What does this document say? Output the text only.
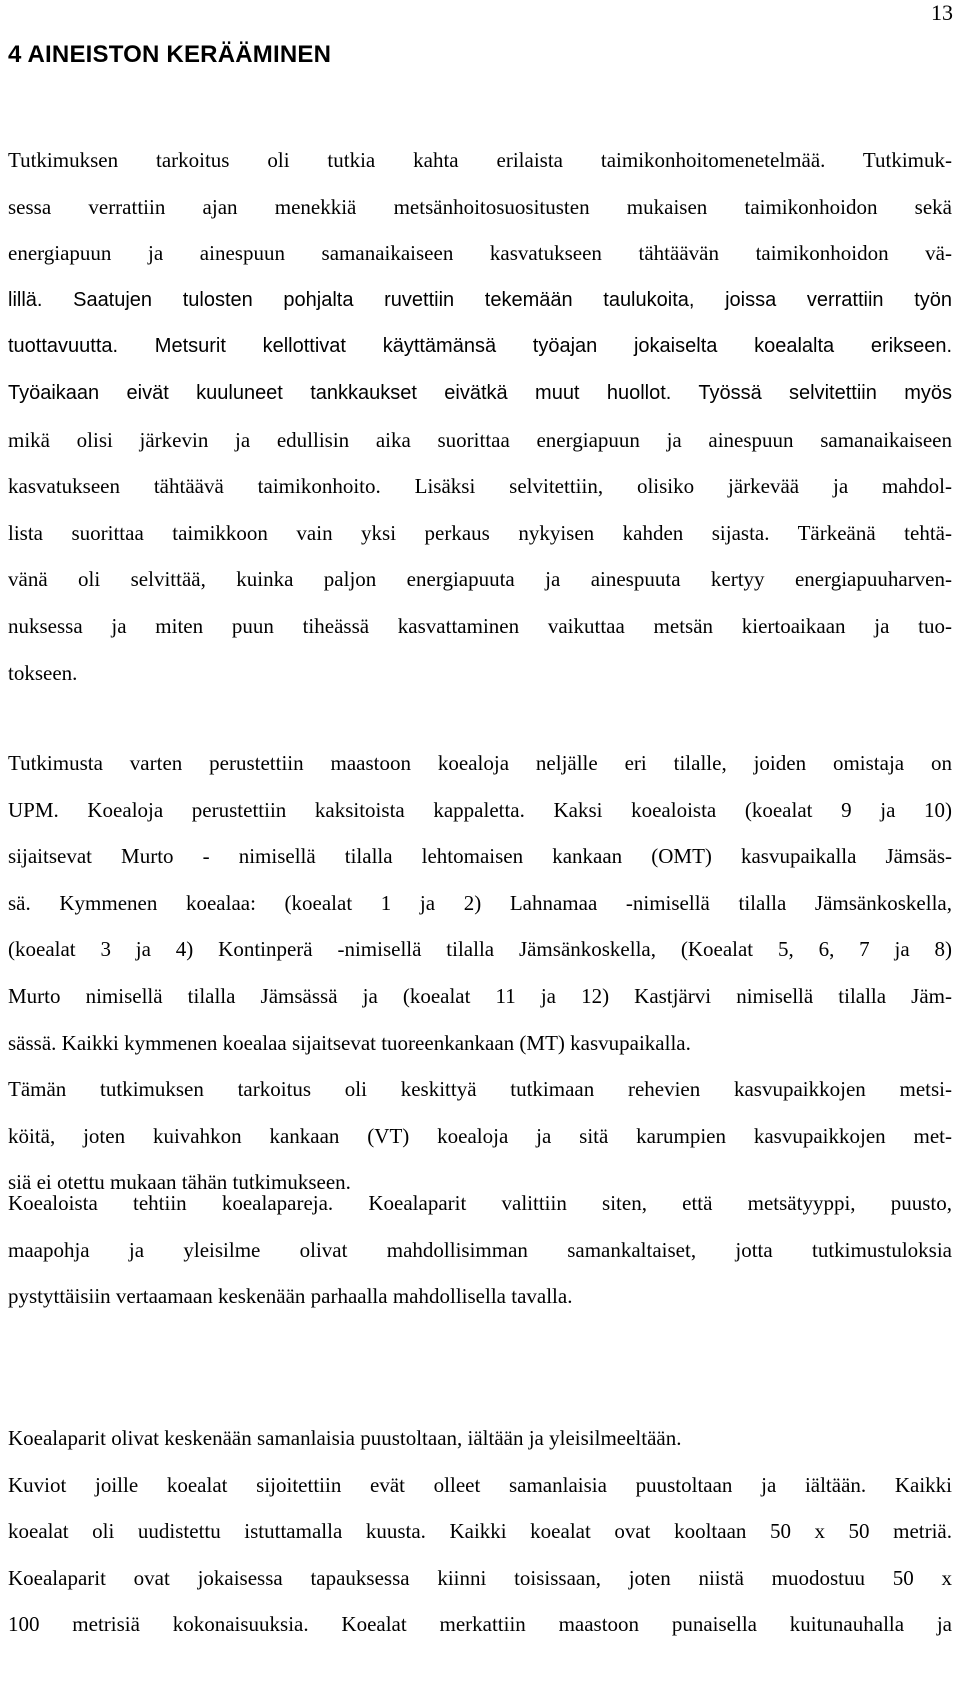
13
4 AINEISTON KERÄÄMINEN
Tutkimuksen tarkoitus oli tutkia kahta erilaista taimikonhoitomenetelmää. Tutkimuk-
sessa verrattiin ajan menekkiä metsänhoitosuositusten mukaisen taimikonhoidon sekä
energiapuun ja ainespuun samanaikaiseen kasvatukseen tähtäävän taimikonhoidon vä-
lillä. Saatujen tulosten pohjalta ruvettiin tekemään taulukoita, joissa verrattiin työn
tuottavuutta. Metsurit kellottivat käyttämänsä työajan jokaiselta koealalta erikseen.
Työaikaan eivät kuuluneet tankkaukset eivätkä muut huollot. Työssä selvitettiin myös
mikä olisi järkevin ja edullisin aika suorittaa energiapuun ja ainespuun samanaikaiseen
kasvatukseen tähtäävä taimikonhoito. Lisäksi selvitettiin, olisiko järkevää ja mahdol-
lista suorittaa taimikkoon vain yksi perkaus nykyisen kahden sijasta. Tärkeänä tehtä-
vänä oli selvittää, kuinka paljon energiapuuta ja ainespuuta kertyy energiapuuharven-
nuksessa ja miten puun tiheässä kasvattaminen vaikuttaa metsän kiertoaikaan ja tuo-
tokseen.
Tutkimusta varten perustettiin maastoon koealoja neljälle eri tilalle, joiden omistaja on
UPM. Koealoja perustettiin kaksitoista kappaletta. Kaksi koealoista (koealat 9 ja 10)
sijaitsevat Murto - nimisellä tilalla lehtomaisen kankaan (OMT) kasvupaikalla Jämsäs-
sä. Kymmenen koealaa: (koealat 1 ja 2) Lahnamaa -nimisellä tilalla Jämsänkoskella,
(koealat 3 ja 4) Kontinperä -nimisellä tilalla Jämsänkoskella, (Koealat 5, 6, 7 ja 8)
Murto nimisellä tilalla Jämsässä ja (koealat 11 ja 12) Kastjärvi nimisellä tilalla Jäm-
sässä. Kaikki kymmenen koealaa sijaitsevat tuoreenkankaan (MT) kasvupaikalla.
Tämän tutkimuksen tarkoitus oli keskittyä tutkimaan rehevien kasvupaikkojen metsi-
köitä, joten kuivahkon kankaan (VT) koealoja ja sitä karumpien kasvupaikkojen met-
siä ei otettu mukaan tähän tutkimukseen.
Koealoista tehtiin koealapareja. Koealaparit valittiin siten, että metsätyyppi, puusto,
maapohja ja yleisilme olivat mahdollisimman samankaltaiset, jotta tutkimustuloksia
pystyttäisiin vertaamaan keskenään parhaalla mahdollisella tavalla.
Koealaparit olivat keskenään samanlaisia puustoltaan, iältään ja yleisilmeeltään.
Kuviot joille koealat sijoitettiin evät olleet samanlaisia puustoltaan ja iältään. Kaikki
koealat oli uudistettu istuttamalla kuusta. Kaikki koealat ovat kooltaan 50 x 50 metriä.
Koealaparit ovat jokaisessa tapauksessa kiinni toisissaan, joten niistä muodostuu 50 x
100 metrisiä kokonaisuuksia. Koealat merkattiin maastoon punaisella kuitunauhalla ja
